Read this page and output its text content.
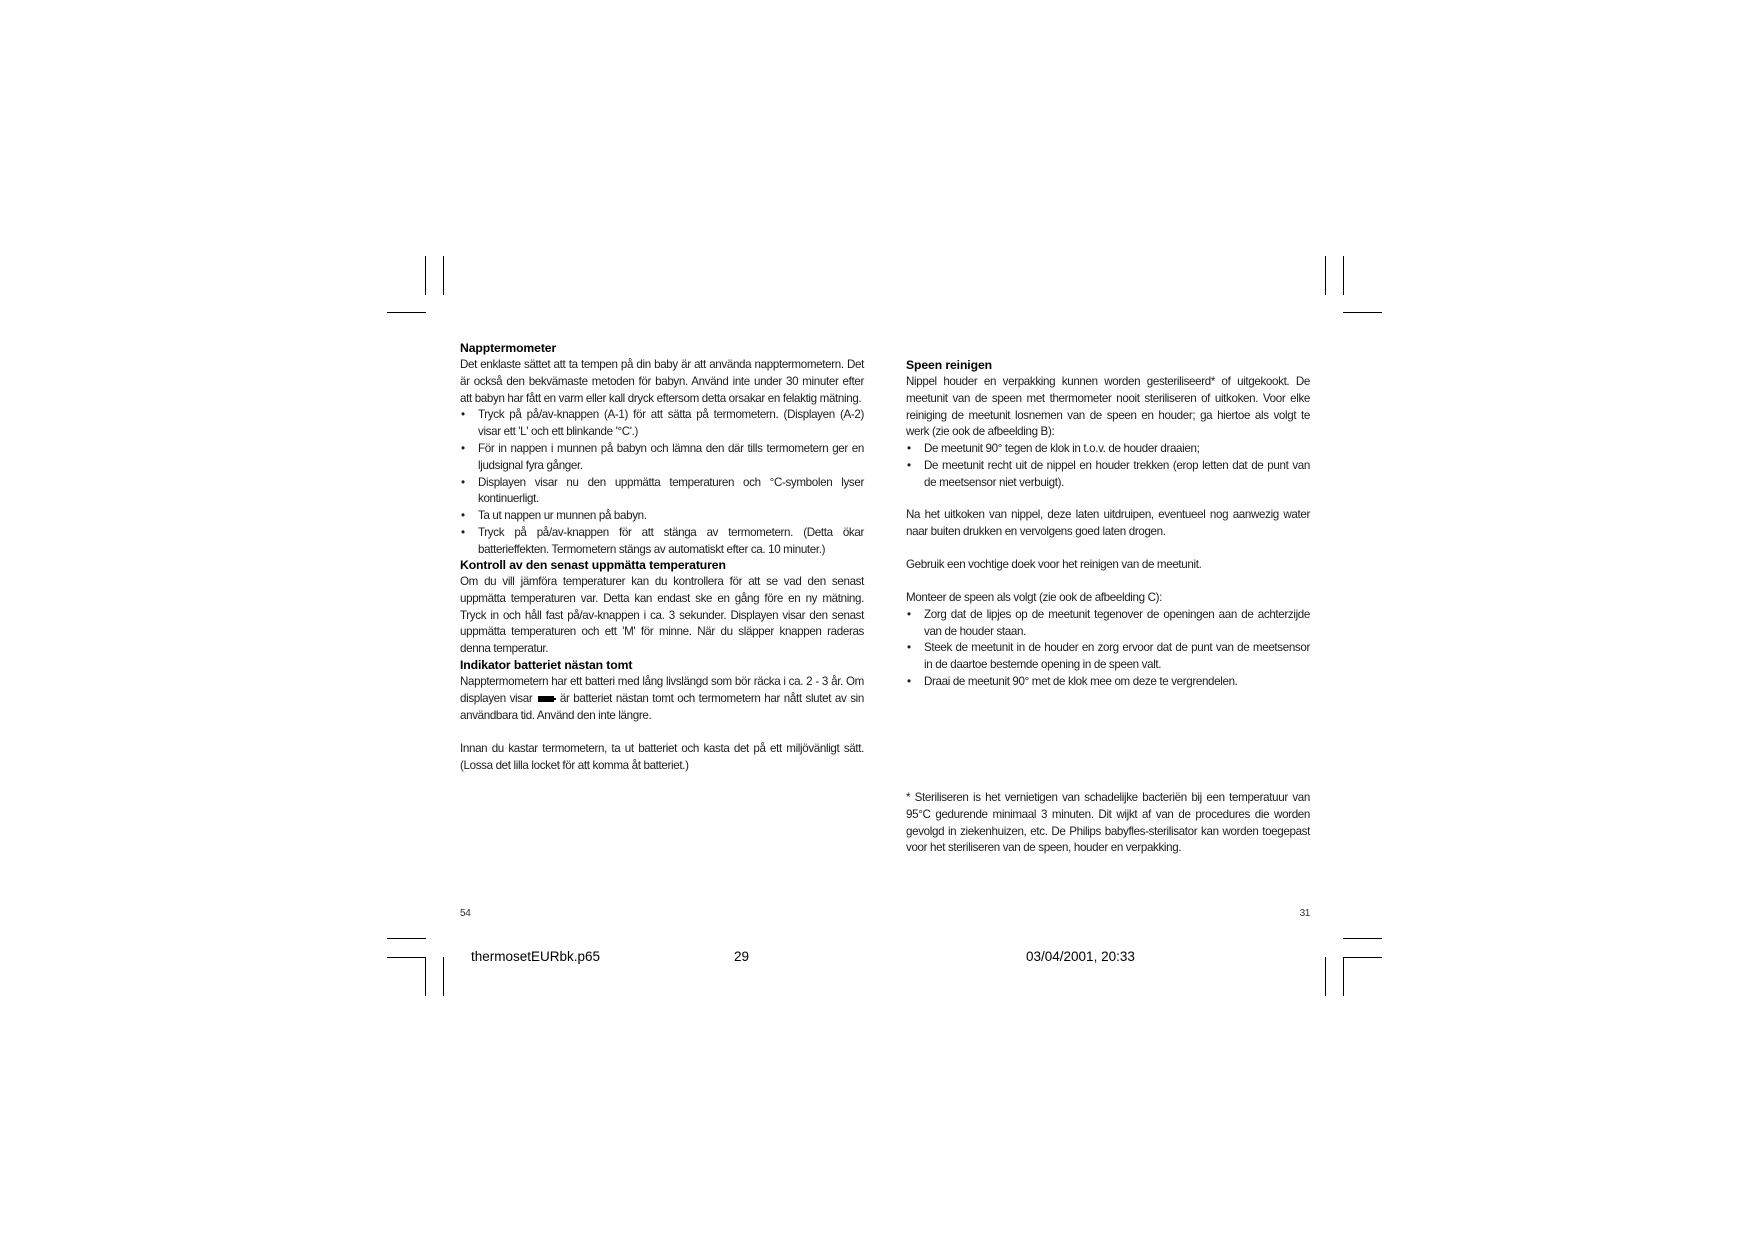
Napptermometer

Det enklaste sättet att ta tempen på din baby är att använda napptermometern. Det är också den bekvämaste metoden för babyn. Använd inte under 30 minuter efter att babyn har fått en varm eller kall dryck eftersom detta orsakar en felaktig mätning.

• Tryck på på/av-knappen (A-1) för att sätta på termometern. (Displayen (A-2) visar ett 'L' och ett blinkande '°C'.)
• För in nappen i munnen på babyn och lämna den där tills termometern ger en ljudsignal fyra gånger.
• Displayen visar nu den uppmätta temperaturen och °C-symbolen lyser kontinuerligt.
• Ta ut nappen ur munnen på babyn.
• Tryck på på/av-knappen för att stänga av termometern. (Detta ökar batterieffekten. Termometern stängs av automatiskt efter ca. 10 minuter.)
Kontroll av den senast uppmätta temperaturen

Om du vill jämföra temperaturer kan du kontrollera för att se vad den senast uppmätta temperaturen var. Detta kan endast ske en gång före en ny mätning. Tryck in och håll fast på/av-knappen i ca. 3 sekunder. Displayen visar den senast uppmätta temperaturen och ett 'M' för minne. När du släpper knappen raderas denna temperatur.

Indikator batteriet nästan tomt

Napptermometern har ett batteri med lång livslängd som bör räcka i ca. 2 - 3 år. Om displayen visar är batteriet nästan tomt och termometern har nått slutet av sin användbara tid. Använd den inte längre.

Innan du kastar termometern, ta ut batteriet och kasta det på ett miljövänligt sätt. (Lossa det lilla locket för att komma åt batteriet.)

54
Speen reinigen

Nippel houder en verpakking kunnen worden gesteriliseerd* of uitgekookt. De meetunit van de speen met thermometer nooit steriliseren of uitkoken. Voor elke reiniging de meetunit losnemen van de speen en houder; ga hiertoe als volgt te werk (zie ook de afbeelding B):

• De meetunit 90° tegen de klok in t.o.v. de houder draaien;
• De meetunit recht uit de nippel en houder trekken (erop letten dat de punt van de meetsensor niet verbuigt).

Na het uitkoken van nippel, deze laten uitdruipen, eventueel nog aanwezig water naar buiten drukken en vervolgens goed laten drogen.

Gebruik een vochtige doek voor het reinigen van de meetunit.

Monteer de speen als volgt (zie ook de afbeelding C):

• Zorg dat de lipjes op de meetunit tegenover de openingen aan de achterzijde van de houder staan.
• Steek de meetunit in de houder en zorg ervoor dat de punt van de meetsensor in de daartoe bestemde opening in de speen valt.
• Draai de meetunit 90° met de klok mee om deze te vergrendelen.

* Steriliseren is het vernietigen van schadelijke bacteriën bij een temperatuur van 95°C gedurende minimaal 3 minuten. Dit wijkt af van de procedures die worden gevolgd in ziekenhuizen, etc. De Philips babyfles-sterilisator kan worden toegepast voor het steriliseren van de speen, houder en verpakking.

31
thermosetEURbk.p65	29	03/04/2001, 20:33
